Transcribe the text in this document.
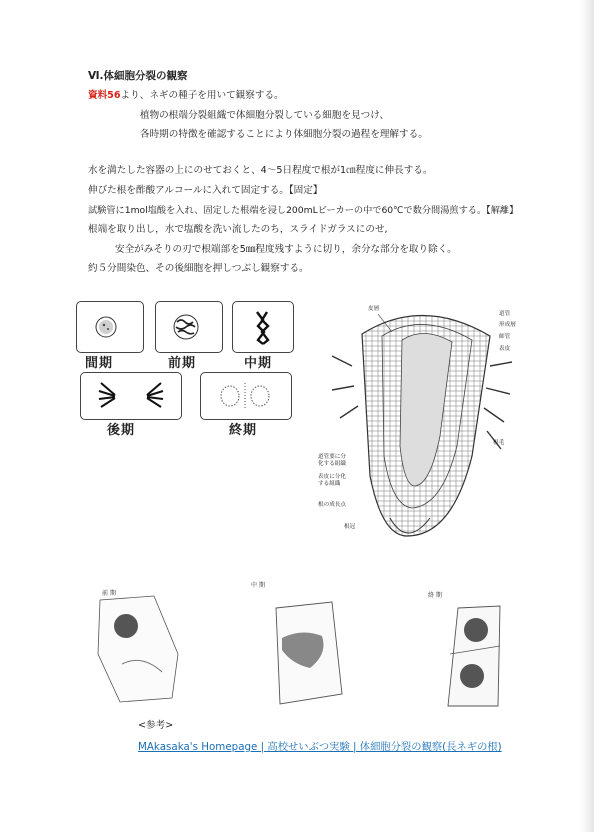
Ⅵ.体細胞分裂の観察
資料56より、ネギの種子を用いて観察する。
植物の根端分裂組織で体細胞分裂している細胞を見つけ、
各時期の特徴を確認することにより体細胞分裂の過程を理解する。
水を満たした容器の上にのせておくと、4～5日程度で根が1㎝程度に伸長する。
伸びた根を酢酸アルコールに入れて固定する。【固定】
試験管に1mol塩酸を入れ、固定した根端を浸し200mLビーカーの中で60℃で数分間湯煎する。【解離】
根端を取り出し，水で塩酸を洗い流したのち，スライドガラスにのせ,
安全がみそりの刃で根端部を5㎜程度残すように切り，余分な部分を取り除く。
約５分間染色、その後細胞を押しつぶし観察する。
間期	前期	中期
後期	終期
皮層
道管
形成層
師管
表皮
根毛
道管要に分
化する組織
表皮に分化
する組織
根の成長点
根冠
前 期
中 期
終 期
<参考>
MAkasaka's Homepage | 高校せいぶつ実験 | 体細胞分裂の観察(長ネギの根)
